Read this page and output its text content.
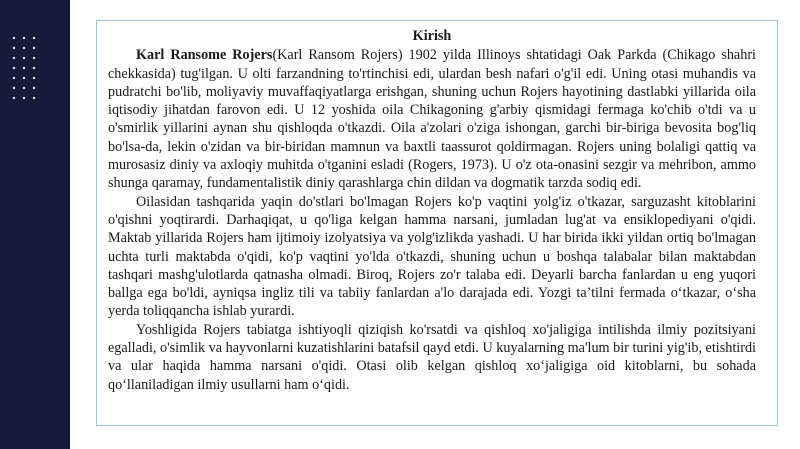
Kirish

Karl Ransome Rojers(Karl Ransom Rojers) 1902 yilda Illinoys shtatidagi Oak Parkda (Chikago shahri chekkasida) tug'ilgan. U olti farzandning to'rtinchisi edi, ulardan besh nafari o'g'il edi. Uning otasi muhandis va pudratchi bo'lib, moliyaviy muvaffaqiyatlarga erishgan, shuning uchun Rojers hayotining dastlabki yillarida oila iqtisodiy jihatdan farovon edi. U 12 yoshida oila Chikagoning g'arbiy qismidagi fermaga ko'chib o'tdi va u o'smirlik yillarini aynan shu qishloqda o'tkazdi. Oila a'zolari o'ziga ishongan, garchi bir-biriga bevosita bog'liq bo'lsa-da, lekin o'zidan va bir-biridan mamnun va baxtli taassurot qoldirmagan. Rojers uning bolaligi qattiq va murosasiz diniy va axloqiy muhitda o'tganini esladi (Rogers, 1973). U o'z ota-onasini sezgir va mehribon, ammo shunga qaramay, fundamentalistik diniy qarashlarga chin dildan va dogmatik tarzda sodiq edi.

Oilasidan tashqarida yaqin do'stlari bo'lmagan Rojers ko'p vaqtini yolg'iz o'tkazar, sarguzasht kitoblarini o'qishni yoqtirardi. Darhaqiqat, u qo'liga kelgan hamma narsani, jumladan lug'at va ensiklopediyani o'qidi. Maktab yillarida Rojers ham ijtimoiy izolyatsiya va yolg'izlikda yashadi. U har birida ikki yildan ortiq bo'lmagan uchta turli maktabda o'qidi, ko'p vaqtini yo'lda o'tkazdi, shuning uchun u boshqa talabalar bilan maktabdan tashqari mashg'ulotlarda qatnasha olmadi. Biroq, Rojers zo'r talaba edi. Deyarli barcha fanlardan u eng yuqori ballga ega bo'ldi, ayniqsa ingliz tili va tabiiy fanlardan a'lo darajada edi. Yozgi ta’tilni fermada o‘tkazar, o‘sha yerda toliqqancha ishlab yurardi.

Yoshligida Rojers tabiatga ishtiyoqli qiziqish ko'rsatdi va qishloq xo'jaligiga intilishda ilmiy pozitsiyani egalladi, o'simlik va hayvonlarni kuzatishlarini batafsil qayd etdi. U kuyalarning ma'lum bir turini yig'ib, etishtirdi va ular haqida hamma narsani o'qidi. Otasi olib kelgan qishloq xo‘jaligiga oid kitoblarni, bu sohada qo‘llaniladigan ilmiy usullarni ham o‘qidi.
